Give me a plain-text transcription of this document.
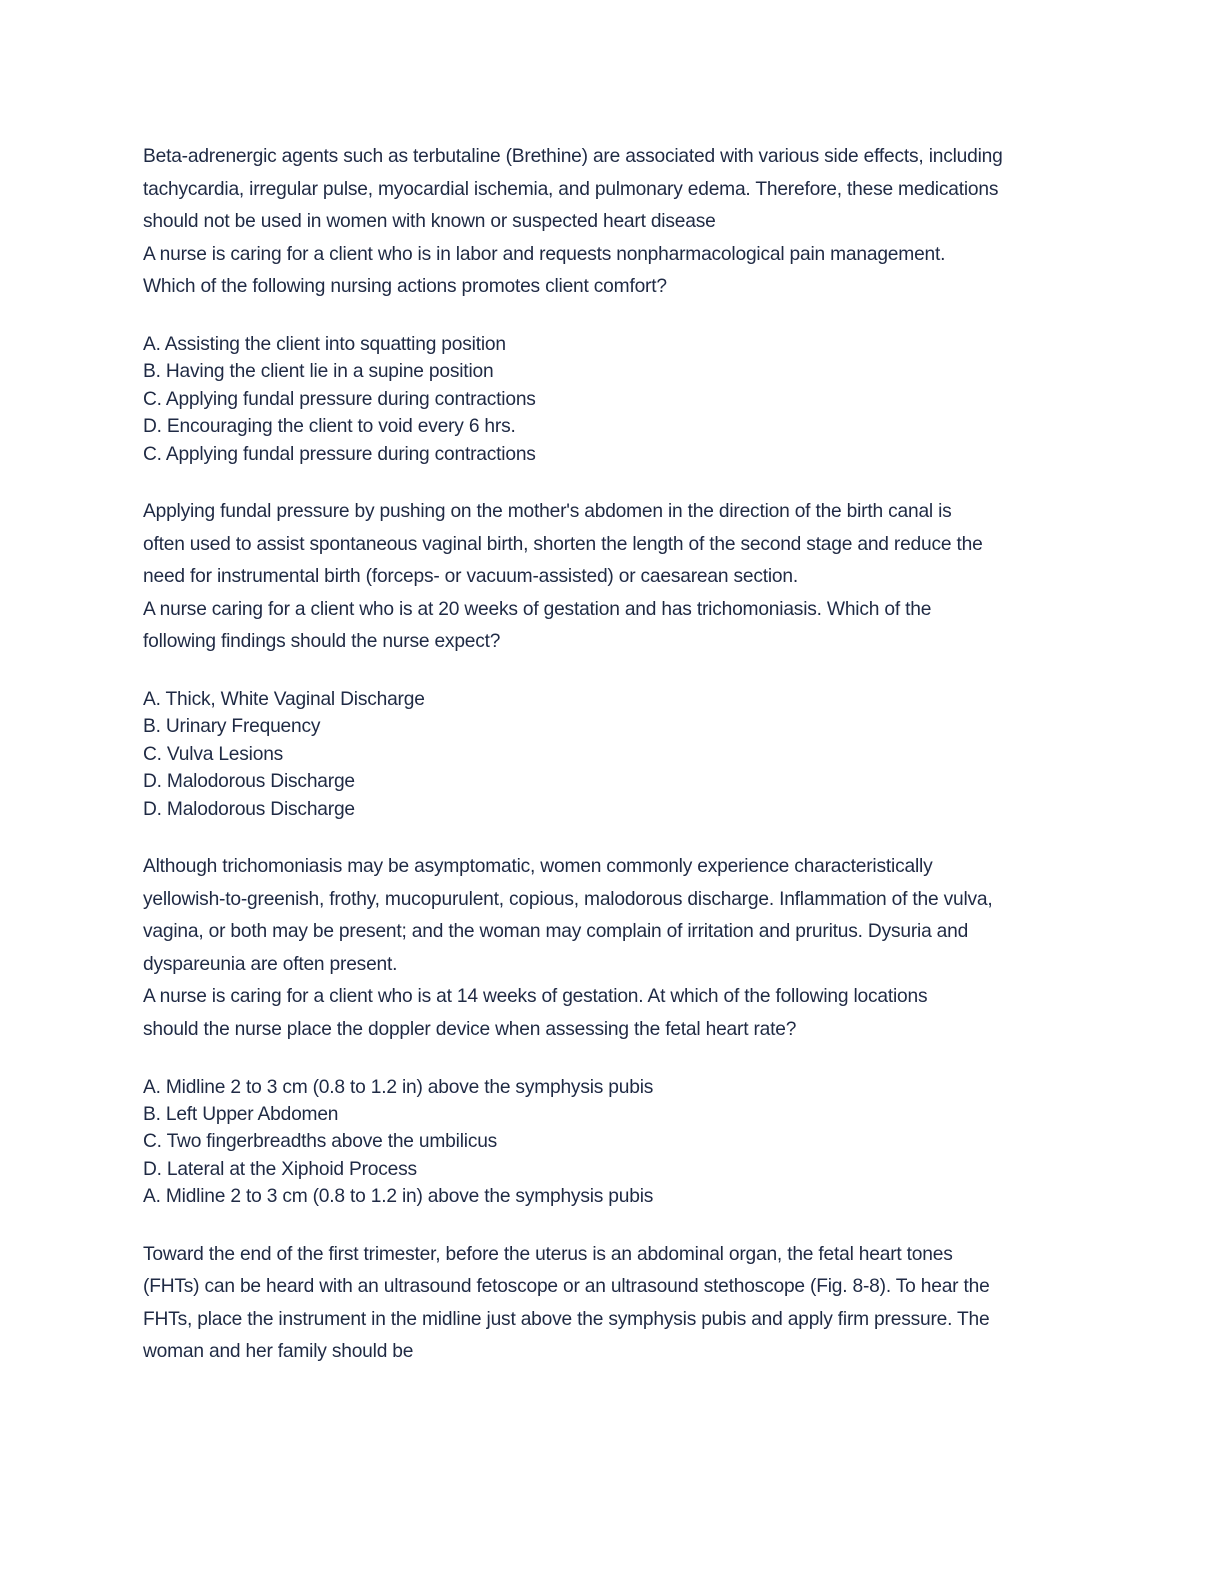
Beta-adrenergic agents such as terbutaline (Brethine) are associated with various side effects, including
tachycardia, irregular pulse, myocardial ischemia, and pulmonary edema. Therefore, these medications
should not be used in women with known or suspected heart disease
A nurse is caring for a client who is in labor and requests nonpharmacological pain management.
Which of the following nursing actions promotes client comfort?

A. Assisting the client into squatting position
B. Having the client lie in a supine position
C. Applying fundal pressure during contractions
D. Encouraging the client to void every 6 hrs.
C. Applying fundal pressure during contractions

Applying fundal pressure by pushing on the mother's abdomen in the direction of the birth canal is
often used to assist spontaneous vaginal birth, shorten the length of the second stage and reduce the
need for instrumental birth (forceps- or vacuum-assisted) or caesarean section.
A nurse caring for a client who is at 20 weeks of gestation and has trichomoniasis. Which of the
following findings should the nurse expect?

A. Thick, White Vaginal Discharge
B. Urinary Frequency
C. Vulva Lesions
D. Malodorous Discharge
D. Malodorous Discharge

Although trichomoniasis may be asymptomatic, women commonly experience characteristically
yellowish-to-greenish, frothy, mucopurulent, copious, malodorous discharge. Inflammation of the vulva,
vagina, or both may be present; and the woman may complain of irritation and pruritus. Dysuria and
dyspareunia are often present.
A nurse is caring for a client who is at 14 weeks of gestation. At which of the following locations
should the nurse place the doppler device when assessing the fetal heart rate?

A. Midline 2 to 3 cm (0.8 to 1.2 in) above the symphysis pubis
B. Left Upper Abdomen
C. Two fingerbreadths above the umbilicus
D. Lateral at the Xiphoid Process
A. Midline 2 to 3 cm (0.8 to 1.2 in) above the symphysis pubis

Toward the end of the first trimester, before the uterus is an abdominal organ, the fetal heart tones
(FHTs) can be heard with an ultrasound fetoscope or an ultrasound stethoscope (Fig. 8-8). To hear the
FHTs, place the instrument in the midline just above the symphysis pubis and apply firm pressure. The
woman and her family should be
